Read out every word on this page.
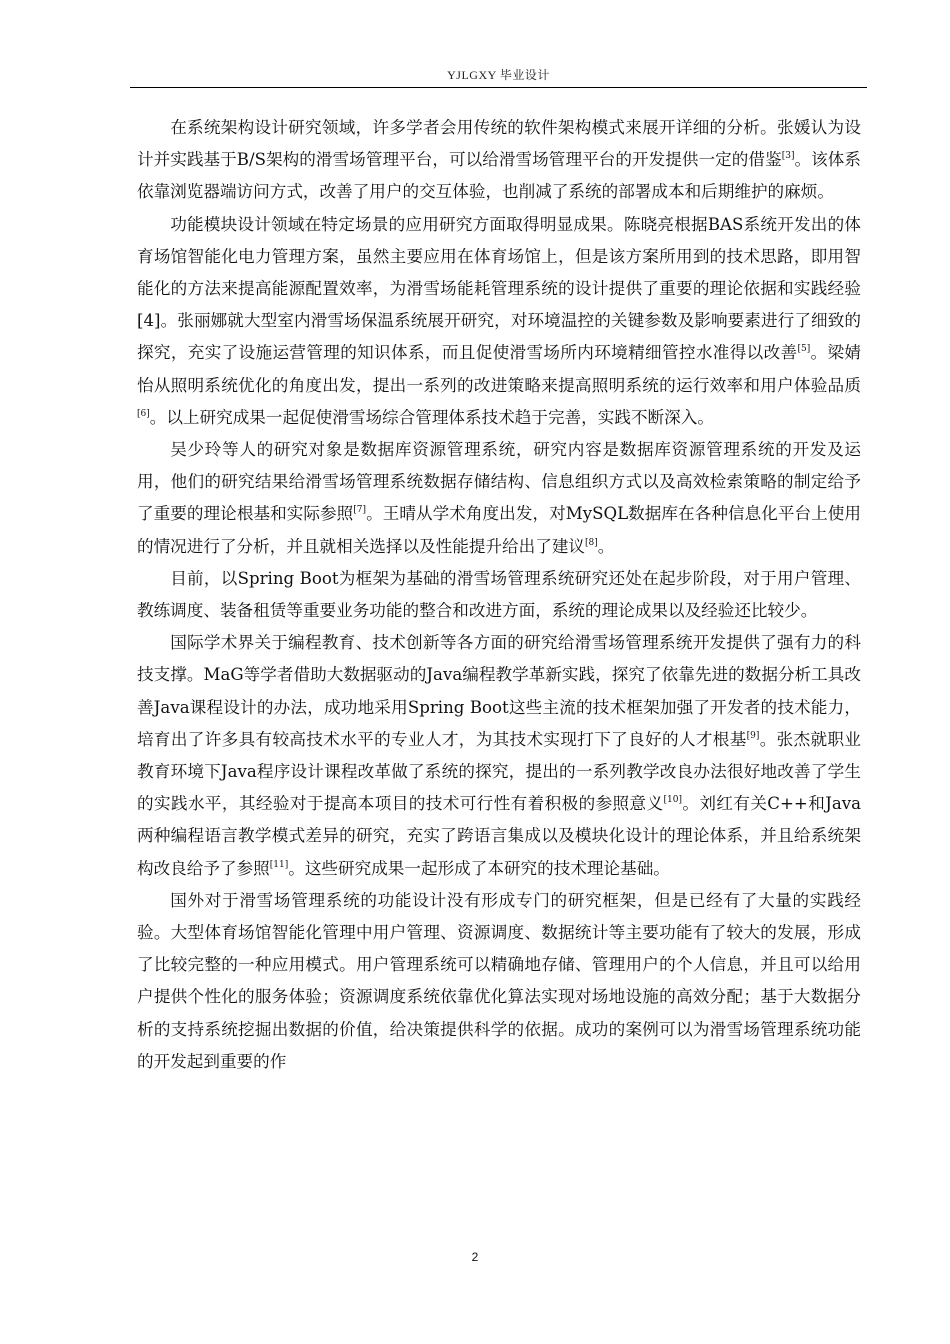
YJLGXY 毕业设计

在系统架构设计研究领域，许多学者会用传统的软件架构模式来展开详细的分析。张媛认为设计并实践基于B/S架构的滑雪场管理平台，可以给滑雪场管理平台的开发提供一定的借鉴[3]。该体系依靠浏览器端访问方式，改善了用户的交互体验，也削减了系统的部署成本和后期维护的麻烦。

功能模块设计领域在特定场景的应用研究方面取得明显成果。陈晓亮根据BAS系统开发出的体育场馆智能化电力管理方案，虽然主要应用在体育场馆上，但是该方案所用到的技术思路，即用智能化的方法来提高能源配置效率，为滑雪场能耗管理系统的设计提供了重要的理论依据和实践经验[4]。张丽娜就大型室内滑雪场保温系统展开研究，对环境温控的关键参数及影响要素进行了细致的探究，充实了设施运营管理的知识体系，而且促使滑雪场所内环境精细管控水准得以改善[5]。梁婧怡从照明系统优化的角度出发，提出一系列的改进策略来提高照明系统的运行效率和用户体验品质[6]。以上研究成果一起促使滑雪场综合管理体系技术趋于完善，实践不断深入。

吴少玲等人的研究对象是数据库资源管理系统，研究内容是数据库资源管理系统的开发及运用，他们的研究结果给滑雪场管理系统数据存储结构、信息组织方式以及高效检索策略的制定给予了重要的理论根基和实际参照[7]。王晴从学术角度出发，对MySQL数据库在各种信息化平台上使用的情况进行了分析，并且就相关选择以及性能提升给出了建议[8]。

目前，以Spring Boot为框架为基础的滑雪场管理系统研究还处在起步阶段，对于用户管理、教练调度、装备租赁等重要业务功能的整合和改进方面，系统的理论成果以及经验还比较少。

国际学术界关于编程教育、技术创新等各方面的研究给滑雪场管理系统开发提供了强有力的科技支撑。MaG等学者借助大数据驱动的Java编程教学革新实践，探究了依靠先进的数据分析工具改善Java课程设计的办法，成功地采用Spring Boot这些主流的技术框架加强了开发者的技术能力，培育出了许多具有较高技术水平的专业人才，为其技术实现打下了良好的人才根基[9]。张杰就职业教育环境下Java程序设计课程改革做了系统的探究，提出的一系列教学改良办法很好地改善了学生的实践水平，其经验对于提高本项目的技术可行性有着积极的参照意义[10]。刘红有关C++和Java两种编程语言教学模式差异的研究，充实了跨语言集成以及模块化设计的理论体系，并且给系统架构改良给予了参照[11]。这些研究成果一起形成了本研究的技术理论基础。

国外对于滑雪场管理系统的功能设计没有形成专门的研究框架，但是已经有了大量的实践经验。大型体育场馆智能化管理中用户管理、资源调度、数据统计等主要功能有了较大的发展，形成了比较完整的一种应用模式。用户管理系统可以精确地存储、管理用户的个人信息，并且可以给用户提供个性化的服务体验；资源调度系统依靠优化算法实现对场地设施的高效分配；基于大数据分析的支持系统挖掘出数据的价值，给决策提供科学的依据。成功的案例可以为滑雪场管理系统功能的开发起到重要的作

2
